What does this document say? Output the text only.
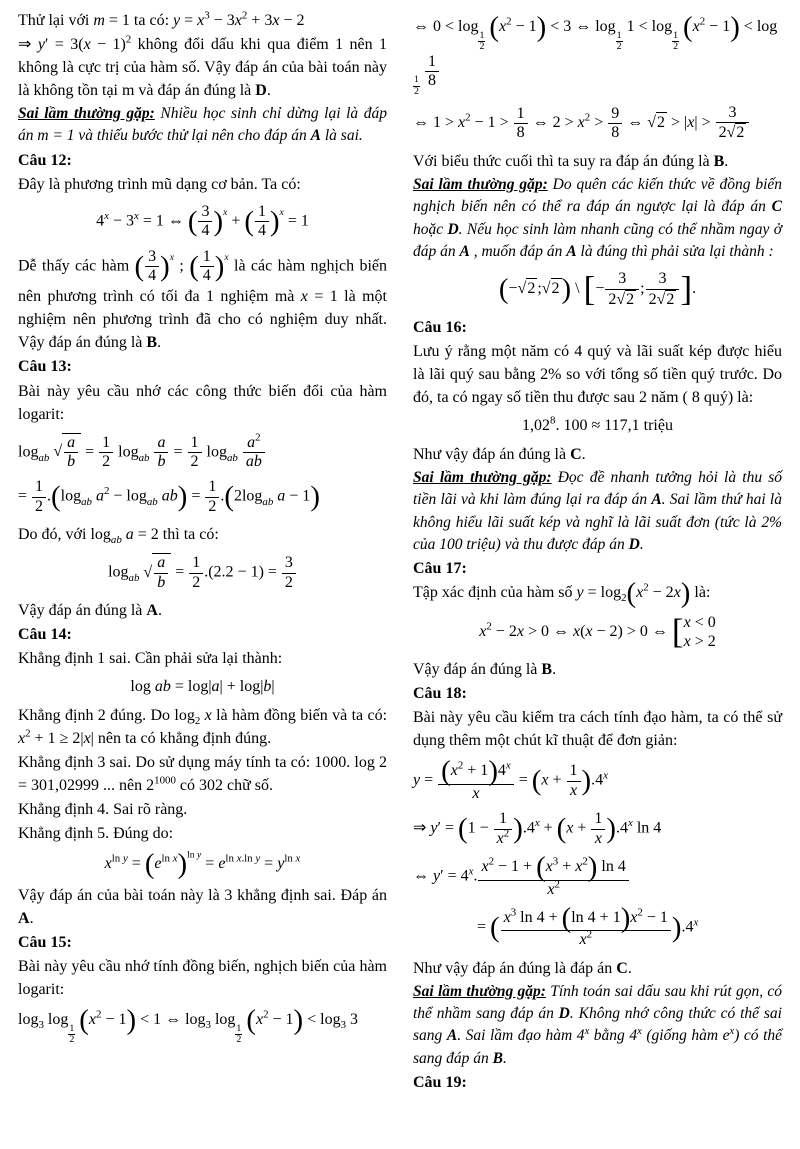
Thử lại với m = 1 ta có: $y = x^3 - 3x^2 + 3x - 2$
⇒ $y' = 3(x - 1)^2$ không đổi dấu khi qua điểm 1 nên 1 không là cực trị của hàm số. Vậy đáp án của bài toán này là không tồn tại m và đáp án đúng là D.
Sai lầm thường gặp: Nhiều học sinh chỉ dừng lại là đáp án m = 1 và thiếu bước thử lại nên cho đáp án A là sai.
Câu 12:
Đây là phương trình mũ dạng cơ bản. Ta có:
$4^x - 3^x = 1$ ⇔ ( $\frac{3}{4} )^x$ + ( $\frac{1}{4} )^x = 1$
Dễ thấy các hàm ( $\frac{3}{4} )^x$ ; ( $\frac{1}{4} )^x$ là các hàm nghịch biến nên phương trình có tối đa 1 nghiệm mà x = 1 là một nghiệm nên phương trình đã cho có nghiệm duy nhất. Vậy đáp án đúng là B.
Câu 13:
Bài này yêu cầu nhớ các công thức biến đổi của hàm logarit:
$\log_{ab}$ √ $\frac{a}{b} = \frac{1}{2} \log_{ab} \frac{a}{b} = \frac{1}{2} \log_{ab} \frac{a^2}{ab}$
= $\frac{1}{2} .(\log_{ab}$ $a^2 - \log_{ab} ab) = \frac{1}{2} .(2\log_{ab}$ a − 1)
Do đó, với $\log_{ab} a = 2$ thì ta có:
$\log_{ab}$ √ $\frac{a}{b} = \frac{1}{2} .(2.2 - 1) = \frac{3}{2}$
Vậy đáp án đúng là A.
Câu 14:
Khẳng định 1 sai. Cần phải sửa lại thành:
log ab = log|a| + log|b|
Khẳng định 2 đúng. Do $\log_2 x$ là hàm đồng biến và ta có: $x^2 + 1 \ge 2|x|$ nên ta có khẳng định đúng.
Khẳng định 3 sai. Do sử dụng máy tính ta có: 1000. log 2 = 301,02999 ... nên $2^{1000}$ có 302 chữ số.
Khẳng định 4. Sai rõ ràng.
Khẳng định 5. Đúng do:
$x^{ln y} = (e^{ln x})^{ln y} = e^{ln x.ln y} = y^{ln x}$
Vậy đáp án của bài toán này là 3 khẳng định sai. Đáp án A.
Câu 15:
Bài này yêu cầu nhớ tính đồng biến, nghịch biến của hàm logarit:
$\log_3 \log$
$_{\frac{1}{2}}$ $(x^2 - 1) < 1$ ⇔ $\log_3 \log$
$_{\frac{1}{2}}$ $(x^2 - 1) < \log_3 3$
⇔ 0 < log
$_{\frac{1}{2}}$ $(x^2 - 1) < 3$ ⇔ log
$_{\frac{1}{2}}$
1 < log
$_{\frac{1}{2}}$ $(x^2 - 1) < \log$
$_{\frac{1}{2}}$
$\frac{1}{8}$
⇔ $1 > x^2 - 1 > \frac{1}{8}$ ⇔ $2 > x^2 > \frac{9}{8}$ ⇔ $√2 > |x| > \frac{3}{2√2}$
Với biểu thức cuối thì ta suy ra đáp án đúng là B.
Sai lầm thường gặp: Do quên các kiến thức về đồng biến nghịch biến nên có thể ra đáp án ngược lại là đáp án C hoặc D. Nếu học sinh làm nhanh cũng có thể nhầm ngay ở đáp án A , muốn đáp án A là đúng thì phải sửa lại thành :
(−√2 ;√2) \ [− $\frac{3}{2√2}$ ; $\frac{3}{2√2}$ ].
Câu 16:
Lưu ý rằng một năm có 4 quý và lãi suất kép được hiểu là lãi quý sau bằng 2% so với tổng số tiền quý trước. Do đó, ta có ngay số tiền thu được sau 2 năm ( 8 quý) là:
1,02$^8$. 100 ≈ 117,1 triệu
Như vậy đáp án đúng là C.
Sai lầm thường gặp: Đọc đề nhanh tưởng hỏi là thu số tiền lãi và khi làm đúng lại ra đáp án A. Sai lầm thứ hai là không hiểu lãi suất kép và nghĩ là lãi suất đơn (tức là 2% của 100 triệu) và thu được đáp án D.
Câu 17:
Tập xác định của hàm số $y = \log_2(x^2 - 2x)$ là:
$x^2 - 2x > 0$ ⇔ x(x − 2) > 0 ⇔ [x < 0
x > 2
Vậy đáp án đúng là B.
Câu 18:
Bài này yêu cầu kiểm tra cách tính đạo hàm, ta có thể sử dụng thêm một chút kĩ thuật để đơn giản:
$y = \frac{(x^2 + 1)4^x}{x} = (x + \frac{1}{x} ).4^x$
⇒ $y' = (1 - \frac{1}{x^2} ).4^x + (x + \frac{1}{x} ).4^x$ ln 4
⇔ $y' = 4^x$. $\frac{x^2 - 1 + (x^3 + x^2) \ln 4}{x^2}$
= ( $\frac{x^3 \ln 4 + (\ln 4 + 1)x^2 - 1}{x^2} ).4^x$
Như vậy đáp án đúng là đáp án C.
Sai lầm thường gặp: Tính toán sai dấu sau khi rút gọn, có thể nhầm sang đáp án D. Không nhớ công thức có thể sai sang A. Sai lầm đạo hàm 4$^x$ bằng 4$^x$ (giống hàm $e^x$) có thể sang đáp án B.
Câu 19:
